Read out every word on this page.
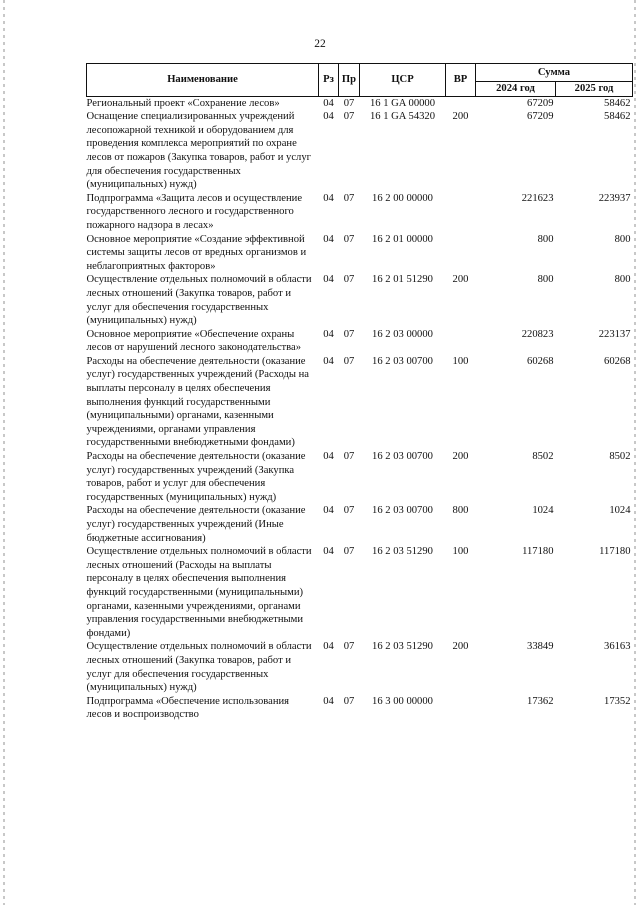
22
Наименование	Рз	Пр	ЦСР	ВР	Сумма	
					2024 год	2025 год
Региональный проект «Сохранение лесов»	04	07	16 1 GA 00000		67209	58462
Оснащение специализированных учреждений лесопожарной техникой и оборудованием для проведения комплекса мероприятий по охране лесов от пожаров (Закупка товаров, работ и услуг для обеспечения государственных (муниципальных) нужд)	04	07	16 1 GA 54320	200	67209	58462
Подпрограмма «Защита лесов и осуществление государственного лесного и государственного пожарного надзора в лесах»	04	07	16 2 00 00000		221623	223937
Основное мероприятие «Создание эффективной системы защиты лесов от вредных организмов и неблагоприятных факторов»	04	07	16 2 01 00000		800	800
Осуществление отдельных полномочий в области лесных отношений (Закупка товаров, работ и услуг для обеспечения государственных (муниципальных) нужд)	04	07	16 2 01 51290	200	800	800
Основное мероприятие «Обеспечение охраны лесов от нарушений лесного законодательства»	04	07	16 2 03 00000		220823	223137
Расходы на обеспечение деятельности (оказание услуг) государственных учреждений (Расходы на выплаты персоналу в целях обеспечения выполнения функций государственными (муниципальными) органами, казенными учреждениями, органами управления государственными внебюджетными фондами)	04	07	16 2 03 00700	100	60268	60268
Расходы на обеспечение деятельности (оказание услуг) государственных учреждений (Закупка товаров, работ и услуг для обеспечения государственных (муниципальных) нужд)	04	07	16 2 03 00700	200	8502	8502
Расходы на обеспечение деятельности (оказание услуг) государственных учреждений (Иные бюджетные ассигнования)	04	07	16 2 03 00700	800	1024	1024
Осуществление отдельных полномочий в области лесных отношений (Расходы на выплаты персоналу в целях обеспечения выполнения функций государственными (муниципальными) органами, казенными учреждениями, органами управления государственными внебюджетными фондами)	04	07	16 2 03 51290	100	117180	117180
Осуществление отдельных полномочий в области лесных отношений (Закупка товаров, работ и услуг для обеспечения государственных (муниципальных) нужд)	04	07	16 2 03 51290	200	33849	36163
Подпрограмма «Обеспечение использования лесов и воспроизводство	04	07	16 3 00 00000		17362	17352
